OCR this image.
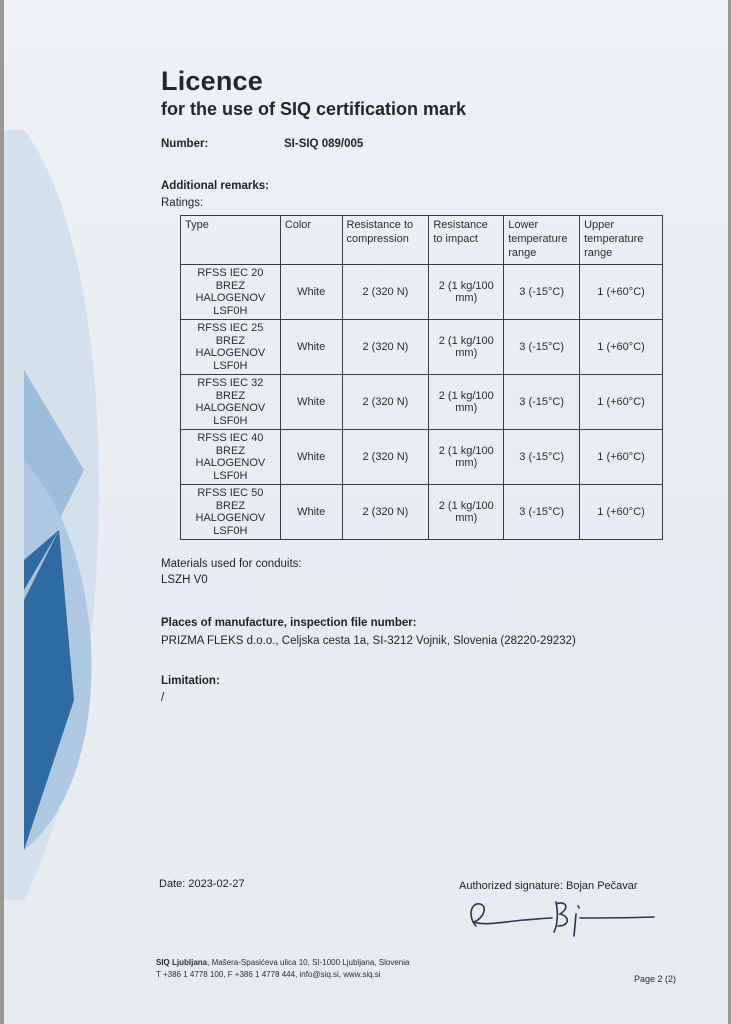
Licence
for the use of SIQ certification mark
Number:	SI-SIQ 089/005
Additional remarks:
Ratings:
Type	Color	Resistance to compression	Resistance to impact	Lower temperature range	Upper temperature range
RFSS IEC 20 BREZ HALOGENOV LSF0H	White	2 (320 N)	2 (1 kg/100 mm)	3 (-15°C)	1 (+60°C)
RFSS IEC 25 BREZ HALOGENOV LSF0H	White	2 (320 N)	2 (1 kg/100 mm)	3 (-15°C)	1 (+60°C)
RFSS IEC 32 BREZ HALOGENOV LSF0H	White	2 (320 N)	2 (1 kg/100 mm)	3 (-15°C)	1 (+60°C)
RFSS IEC 40 BREZ HALOGENOV LSF0H	White	2 (320 N)	2 (1 kg/100 mm)	3 (-15°C)	1 (+60°C)
RFSS IEC 50 BREZ HALOGENOV LSF0H	White	2 (320 N)	2 (1 kg/100 mm)	3 (-15°C)	1 (+60°C)
Materials used for conduits:
LSZH V0
Places of manufacture, inspection file number:
PRIZMA FLEKS d.o.o., Celjska cesta 1a, SI-3212 Vojnik, Slovenia (28220-29232)
Limitation:
/
Date: 2023-02-27	Authorized signature: Bojan Pečavar
SIQ Ljubljana, Mašera-Spasićeva ulica 10, SI-1000 Ljubljana, Slovenia
T +386 1 4778 100, F +386 1 4778 444, info@siq.si, www.siq.si	Page 2 (2)
